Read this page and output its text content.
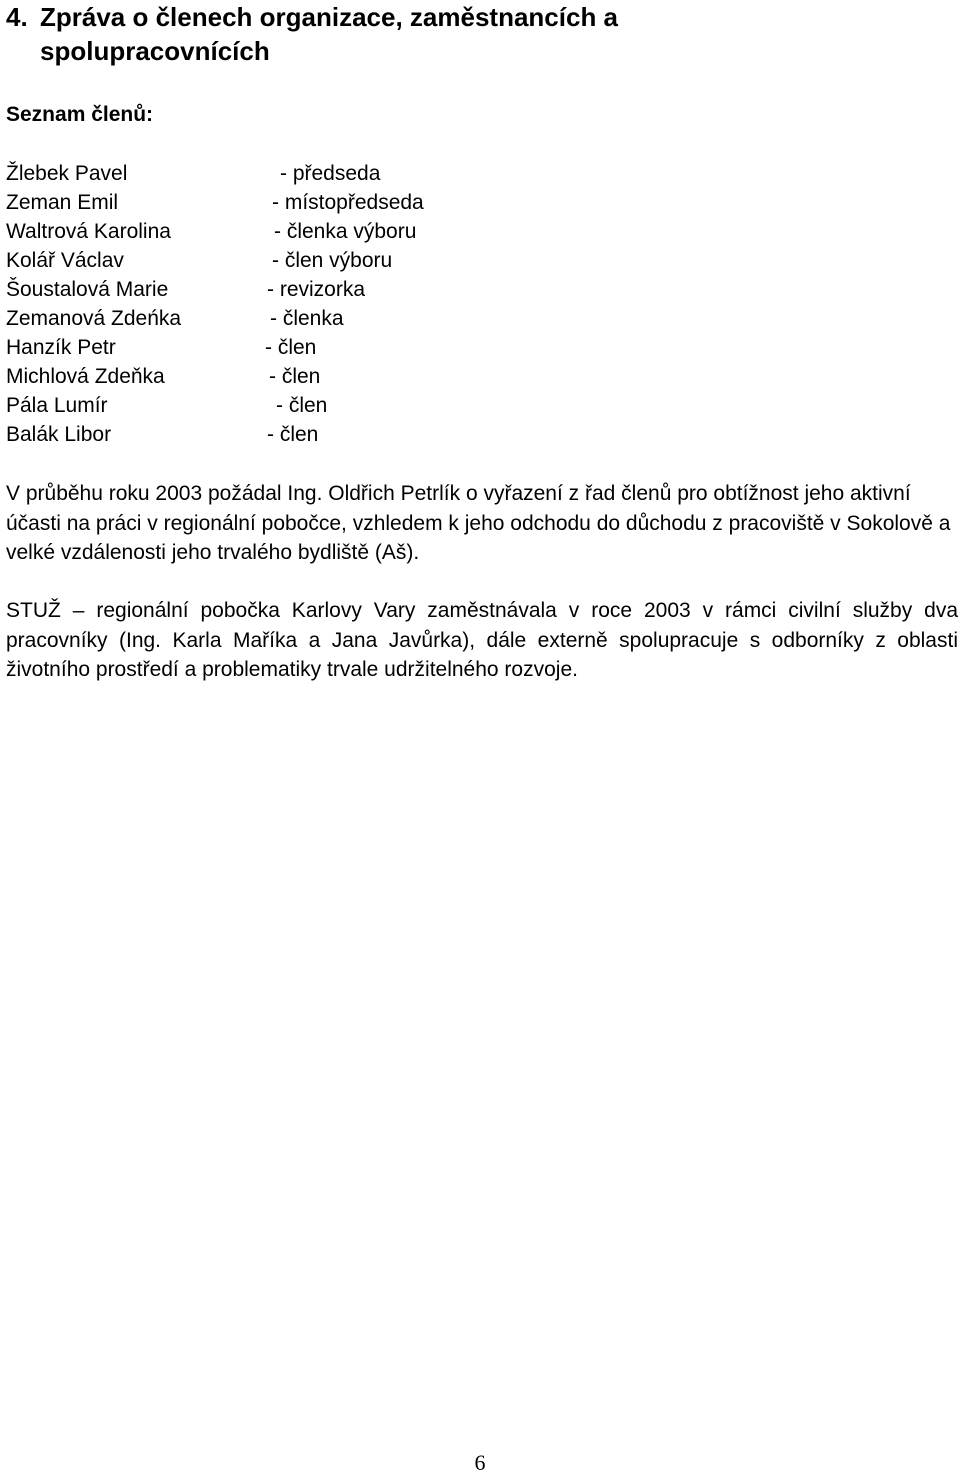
4. Zpráva o členech organizace, zaměstnancích a
spolupracovnících
Seznam členů:
Žlebek Pavel	- předseda
Zeman Emil	- místopředseda
Waltrová Karolina	- členka výboru
Kolář Václav	- člen výboru
Šoustalová Marie	- revizorka
Zemanová Zdeńka	- členka
Hanzík Petr	- člen
Michlová Zdeňka	- člen
Pála Lumír	- člen
Balák Libor	- člen

V průběhu roku 2003 požádal Ing. Oldřich Petrlík o vyřazení z řad členů pro obtížnost jeho aktivní účasti na práci v regionální pobočce, vzhledem k jeho odchodu do důchodu z pracoviště v Sokolově a velké vzdálenosti jeho trvalého bydliště (Aš).

STUŽ – regionální pobočka Karlovy Vary zaměstnávala v roce 2003 v rámci civilní služby dva pracovníky (Ing. Karla Maříka a Jana Javůrka), dále externě spolupracuje s odborníky z oblasti životního prostředí a problematiky trvale udržitelného rozvoje.

6
